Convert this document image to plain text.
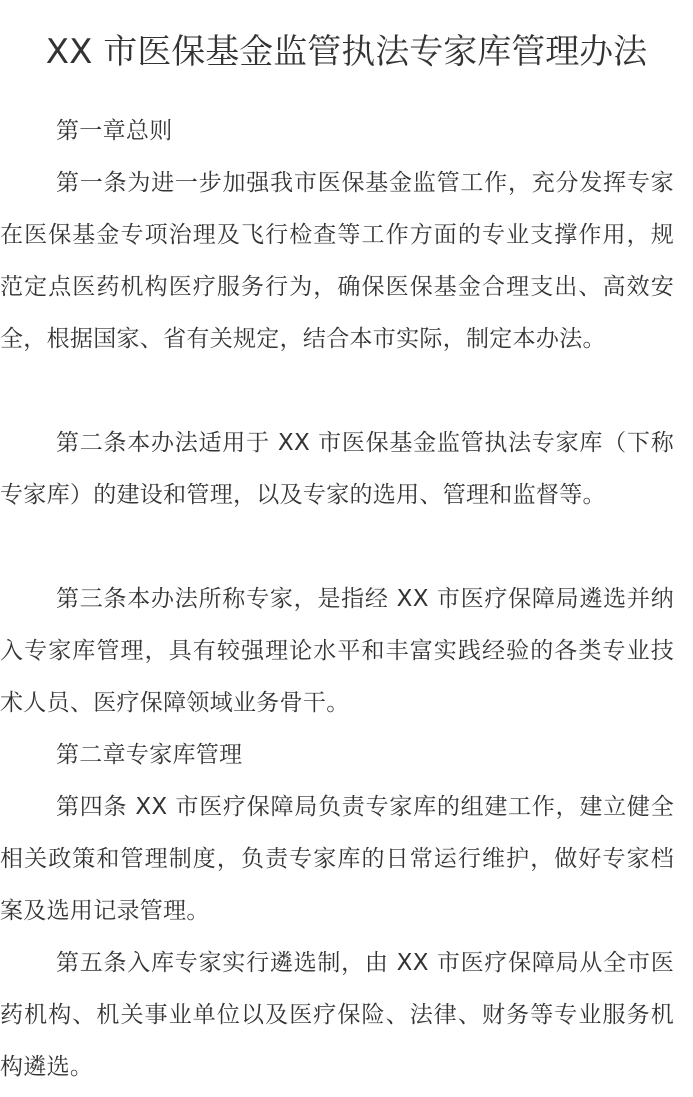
XX 市医保基金监管执法专家库管理办法

第一章总则

第一条为进一步加强我市医保基金监管工作，充分发挥专家在医保基金专项治理及飞行检查等工作方面的专业支撑作用，规范定点医药机构医疗服务行为，确保医保基金合理支出、高效安全，根据国家、省有关规定，结合本市实际，制定本办法。

第二条本办法适用于 XX 市医保基金监管执法专家库（下称专家库）的建设和管理，以及专家的选用、管理和监督等。

第三条本办法所称专家，是指经 XX 市医疗保障局遴选并纳入专家库管理，具有较强理论水平和丰富实践经验的各类专业技术人员、医疗保障领域业务骨干。

第二章专家库管理

第四条 XX 市医疗保障局负责专家库的组建工作，建立健全相关政策和管理制度，负责专家库的日常运行维护，做好专家档案及选用记录管理。

第五条入库专家实行遴选制，由 XX 市医疗保障局从全市医药机构、机关事业单位以及医疗保险、法律、财务等专业服务机构遴选。
